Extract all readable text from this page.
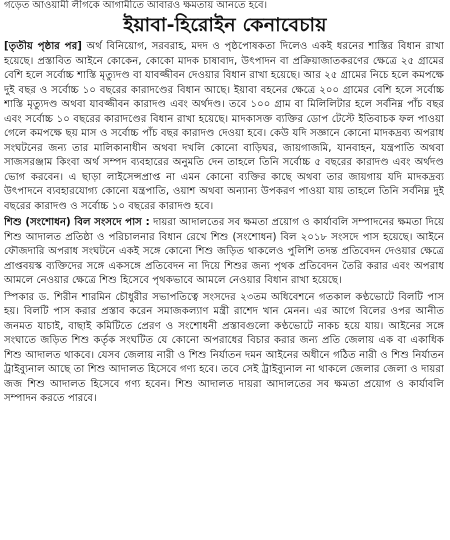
গড়েত আওয়ামী লীগকে আগামীতে আবারও ক্ষমতায় আনতে হবে।
ইয়াবা-হিরোইন কেনাবেচায়

[তৃতীয় পৃষ্ঠার পর] অর্থ বিনিয়োগ, সরবরাহ, মদদ ও পৃষ্ঠপোষকতা দিলেও একই ধরনের শাস্তির বিধান রাখা হয়েছে। প্রস্তাবিত আইনে কোকেন, কোকো মাদক চাষাবাদ, উৎপাদন বা প্রক্রিয়াজাতকরণের ক্ষেত্রে ২৫ গ্রামের বেশি হলে সর্বোচ্চ শাস্তি মৃত্যুদণ্ড বা যাবজ্জীবন দেওয়ার বিধান রাখা হয়েছে। আর ২৫ গ্রামের নিচে হলে কমপক্ষে দুই বছর ও সর্বোচ্চ ১০ বছরের কারাদণ্ডের বিধান আছে। ইয়াবা বহনের ক্ষেত্রে ২০০ গ্রামের বেশি হলে সর্বোচ্চ শাস্তি মৃত্যুদণ্ড অথবা যাবজ্জীবন কারাদণ্ড এবং অর্থদণ্ড। তবে ১০০ গ্রাম বা মিলিলিটার হলে সর্বনিম্ন পাঁচ বছর এবং সর্বোচ্চ ১০ বছরের কারাদণ্ডের বিধান রাখা হয়েছে। মাদকাসক্ত ব্যক্তির ডোপ টেস্টে ইতিবাচক ফল পাওয়া গেলে কমপক্ষে ছয় মাস ও সর্বোচ্চ পাঁচ বছর কারাদণ্ড দেওয়া হবে। কেউ যদি সজ্ঞানে কোনো মাদকদ্রব্য অপরাধ সংঘটনের জন্য তার মালিকানাধীন অথবা দখলি কোনো বাড়িঘর, জায়গাজমি, যানবাহন, যন্ত্রপাতি অথবা সাজসরঞ্জাম কিংবা অর্থ সম্পদ ব্যবহারের অনুমতি দেন তাহলে তিনি সর্বোচ্চ ৫ বছরের কারাদণ্ড এবং অর্থদণ্ড ভোগ করবেন। এ ছাড়া লাইসেন্সপ্রাপ্ত না এমন কোনো ব্যক্তির কাছে অথবা তার জায়গায় যদি মাদকদ্রব্য উৎপাদনে ব্যবহারযোগ্য কোনো যন্ত্রপাতি, ওয়াশ অথবা অন্যান্য উপকরণ পাওয়া যায় তাহলে তিনি সর্বনিম্ন দুই বছরের কারাদণ্ড ও সর্বোচ্চ ১০ বছরের কারাদণ্ড হবে।

শিশু (সংশোধন) বিল সংসদে পাস : দায়রা আদালতের সব ক্ষমতা প্রয়োগ ও কার্যাবলি সম্পাদনের ক্ষমতা দিয়ে শিশু আদালত প্রতিষ্ঠা ও পরিচালনার বিধান রেখে শিশু (সংশোধন) বিল ২০১৮ সংসদে পাস হয়েছে। আইনে ফৌজদারি অপরাধ সংঘটনে একই সঙ্গে কোনো শিশু জড়িত থাকলেও পুলিশি তদন্ত প্রতিবেদন দেওয়ার ক্ষেত্রে প্রাপ্তবয়স্ক ব্যক্তিদের সঙ্গে একসঙ্গে প্রতিবেদন না দিয়ে শিশুর জন্য পৃথক প্রতিবেদন তৈরি করার এবং অপরাধ আমলে নেওয়ার ক্ষেত্রে শিশু হিসেবে পৃথকভাবে আমলে নেওয়ার বিধান রাখা হয়েছে।

স্পিকার ড. শিরীন শারমিন চৌধুরীর সভাপতিত্বে সংসদের ২৩তম অধিবেশনে গতকাল কণ্ঠভোটে বিলটি পাস হয়। বিলটি পাস করার প্রস্তাব করেন সমাজকল্যাণ মন্ত্রী রাশেদ খান মেনন। এর আগে বিলের ওপর আনীত জনমত যাচাই, বাছাই কমিটিতে প্রেরণ ও সংশোধনী প্রস্তাবগুলো কণ্ঠভোটে নাকচ হয়ে যায়। আইনের সঙ্গে সংঘাতে জড়িত শিশু কর্তৃক সংঘটিত যে কোনো অপরাধের বিচার করার জন্য প্রতি জেলায় এক বা একাধিক শিশু আদালত থাকবে। যেসব জেলায় নারী ও শিশু নির্যাতন দমন আইনের অধীনে গঠিত নারী ও শিশু নির্যাতন ট্রাইব্যুনাল আছে তা শিশু আদালত হিসেবে গণ্য হবে। তবে সেই ট্রাইব্যুনাল না থাকলে জেলার জেলা ও দায়রা জজ শিশু আদালত হিসেবে গণ্য হবেন। শিশু আদালত দায়রা আদালতের সব ক্ষমতা প্রয়োগ ও কার্যাবলি সম্পাদন করতে পারবে।
